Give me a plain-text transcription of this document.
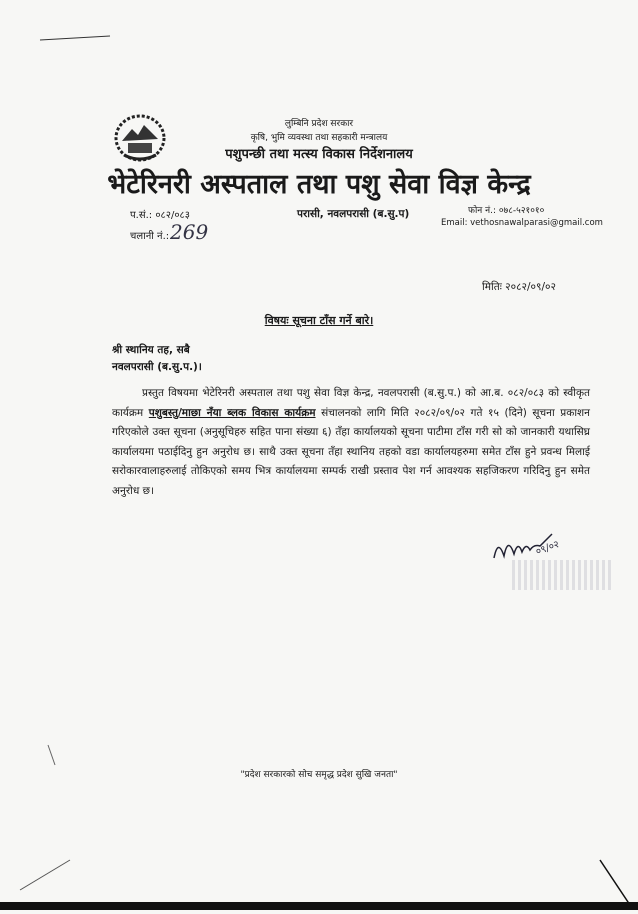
लुम्बिनि प्रदेश सरकार
कृषि, भुमि व्यवस्था तथा सहकारी मन्त्रालय
पशुपन्छी तथा मत्स्य विकास निर्देशनालय
भेटेरिनरी अस्पताल तथा पशु सेवा विज्ञ केन्द्र
प.सं.: ०८२/०८३
चलानी नं.: 269
परासी, नवलपरासी (ब.सु.प)	फोन नं.: ०७८-५२१०१०
Email: vethosnawalparasi@gmail.com
मितिः २०८२/०९/०२
विषयः सूचना टाँस गर्ने बारे।
श्री स्थानिय तह, सबै
नवलपरासी (ब.सु.प.)।
प्रस्तुत विषयमा भेटेरिनरी अस्पताल तथा पशु सेवा विज्ञ केन्द्र, नवलपरासी (ब.सु.प.) को आ.ब. ०८२/०८३ को स्वीकृत कार्यक्रम पशुबस्तु/माछा नँया ब्लक विकास कार्यक्रम संचालनको लागि मिति २०८२/०९/०२ गते १५ (दिने) सूचना प्रकाशन गरिएकोले उक्त सूचना (अनुसूचिहरु सहित पाना संख्या ६) तँहा कार्यालयको सूचना पाटीमा टाँस गरी सो को जानकारी यथासिघ्र कार्यालयमा पठाईदिनु हुन अनुरोध छ। साथै उक्त सूचना तँहा स्थानिय तहको वडा कार्यालयहरुमा समेत टाँस हुने प्रवन्ध मिलाई सरोकारवालाहरुलाई तोकिएको समय भित्र कार्यालयमा सम्पर्क राखी प्रस्ताव पेश गर्न आवश्यक सहजिकरण गरिदिनु हुन समेत अनुरोध छ।
०९/०२
"प्रदेश सरकारको सोच समृद्ध प्रदेश सुखि जनता"
